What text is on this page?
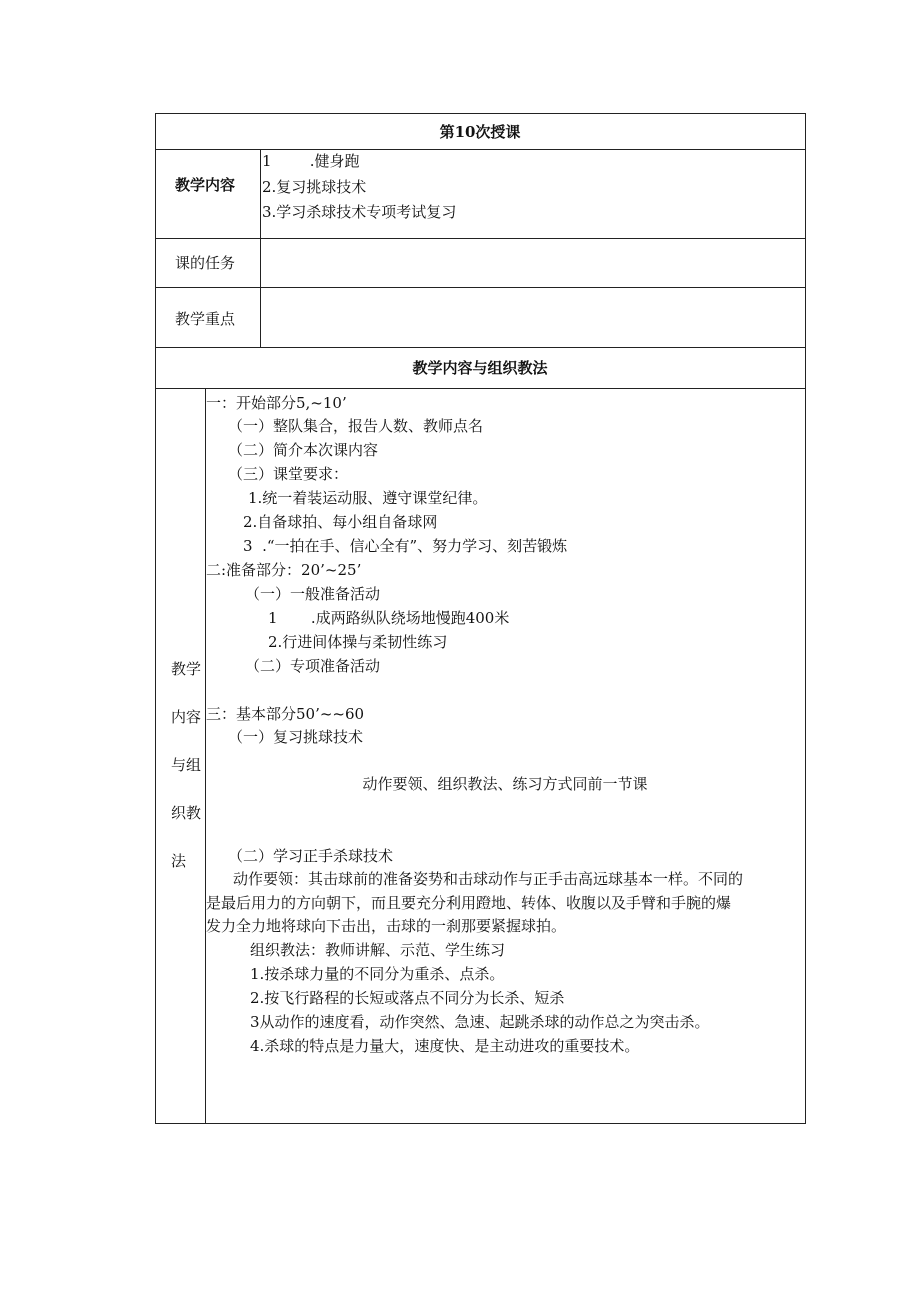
第10次授课
教学内容
1        .健身跑
2.复习挑球技术
3.学习杀球技术专项考试复习
课的任务
教学重点
教学内容与组织教法
教学
内容
与组
织教
法
一：开始部分5,~10’
（一）整队集合，报告人数、教师点名
（二）简介本次课内容
（三）课堂要求：
1.统一着装运动服、遵守课堂纪律。
2.自备球拍、每小组自备球网
3  .“一拍在手、信心全有”、努力学习、刻苦锻炼
二:准备部分：20’~25’
（一）一般准备活动
1       .成两路纵队绕场地慢跑400米
2.行进间体操与柔韧性练习
（二）专项准备活动
三：基本部分50’~~60
（一）复习挑球技术
动作要领、组织教法、练习方式同前一节课
（二）学习正手杀球技术
动作要领：其击球前的准备姿势和击球动作与正手击高远球基本一样。不同的
是最后用力的方向朝下，而且要充分利用蹬地、转体、收腹以及手臂和手腕的爆
发力全力地将球向下击出，击球的一刹那要紧握球拍。
组织教法：教师讲解、示范、学生练习
1.按杀球力量的不同分为重杀、点杀。
2.按飞行路程的长短或落点不同分为长杀、短杀
3从动作的速度看，动作突然、急速、起跳杀球的动作总之为突击杀。
4.杀球的特点是力量大，速度快、是主动进攻的重要技术。
